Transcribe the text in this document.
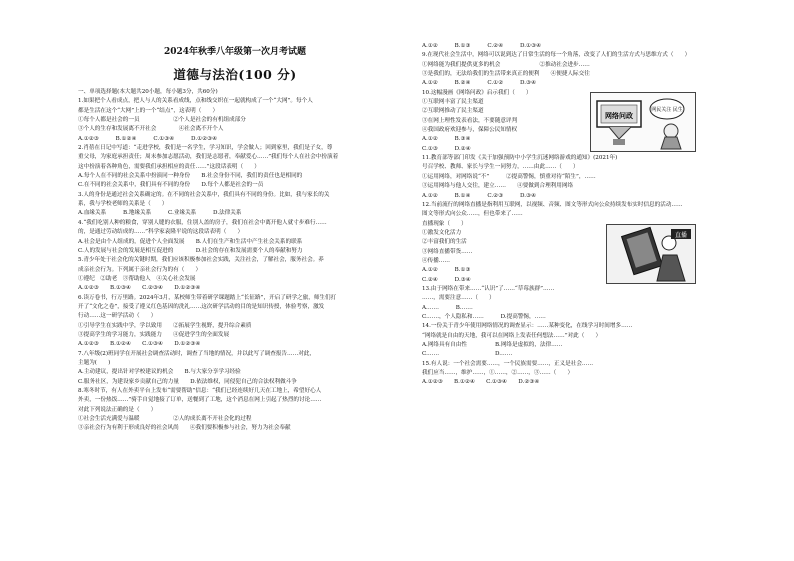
2024年秋季八年级第一次月考试题
道德与法治(100 分)
一、单项选择题(本大题共20小题，每小题3分，共60分)
1.如果把个人看成点，把人与人的关系看成线，点和线交织在一起就构成了一个“大网”。每个人
都是生活在这个“大网”上的一个“结点”，这表明（　　）
①每个人都是社会的一员　　　　　　②个人是社会的有机组成部分
③个人的生存和发展离不开社会　　　　④社会离不开个人
A.①②③　　　B.①②④　　　C.①③④　　　D.①②③④
2.肖蓓在日记中写道：“走进学校，我们是一名学生，学习知识，学会做人；回到家里，我们是子女，尊
重父母，为家庭承担责任；周末参加志愿活动，我们是志愿者，奉献爱心……”我们每个人在社会中扮演着
这中扮演着各种角色，需要我们承担相应的责任……”这段话表明（　　）
A.每个人在不同的社会关系中扮演同一种身份　　B.社会身份不同，我们的责任也是相同的
C.在不同的社会关系中，我们具有不同的身份　　D.每个人都是社会的一员
3.人的身份是通过社会关系确定的。在不同的社会关系中，我们具有不同的身份。比如，我与家长的关
系，我与学校老师的关系是（　　）
A.血缘关系　　　B.地缘关系　　　C.业缘关系　　　D.法律关系
4.“我们吃别人种的粮食，穿别人缝的衣服，住别人盖的房子，我们在社会中离开他人就寸步难行……
的，是通过劳动结成的……”科学家袁隆平说的这段话表明（　　）
A.社会是由个人组成的，促进个人全面发展　　B.人们在生产和生活中产生社会关系的联系
C.人的发展与社会的发展是相互促进的　　　　D.社会的存在和发展需要个人的奉献和努力
5.青少年处于社会化的关键时期，我们应该积极参加社会实践，关注社会，了解社会，服务社会。养
成亲社会行为。下列属于亲社会行为的有（　　）
①遵纪　②助老　③帮助他人　④关心社会发展
A.①②③　　B.①③④　　C.②③④　　D.①②③④
6.读万卷书，行万里路。2024年3月，某校师生带着研学课题踏上“长征路”，开启了研学之旅，师生们打
开了“文化之卷”，接受了遵义红色基因的洗礼……这次研学活动的目的是知识传授，体验考察，激发
行动……这一研学活动（　　）
①引导学生在实践中学，学以致用　　②拓展学生视野，提升综合素质
③提高学生的学习能力，实践能力　　④促进学生的全面发展
A.①②③　　B.①②④　　C.①③④　　D.①②③④
7.八年级(2)班同学在开展社会调查活动时，调查了当地的情况，并以此写了调查报告……对此，
主题为(　　)
A.主动建议，提出针对学校建议的机会　　B.与大家分享学习经验
C.服务社区，为建设家乡贡献自己的力量　　D.依法维权，同侵犯自己的合法权利做斗争
8.寒冬时节，有人在外卖平台上发布“需要帮助”信息：“我们已经连续好几天在工地上，希望好心人
外卖，一份热饭……”骑手自觉地接了订单，送餐到了工地，这个消息在网上引起了热烈的讨论……
对此下列说法正确的是（　　）
①社会生活充满爱与温暖　　　　　　②人的成长离不开社会化的过程
③亲社会行为有利于形成良好的社会风尚　　④我们要积极参与社会，努力为社会奉献
A.①②　　　B.①③　　　C.②④　　　D.①③④
9.在现代社会生活中，网络可以说到达了日常生活的每一个角落，改变了人们的生活方式与思维方式（　　）
①网络能为我们提供更多的机会　　　　　　　②推动社会进步……
③是我们的，无法给我们的生活带来真正的便利　　④便捷人际交往
A.①②　　　B.②④　　　C.①②　　　D.③④
10.这幅漫画《网络问政》启示我们（　　）
①互联网丰富了民主渠道
②互联网推动了民主渠道
③在网上理性发表看法，不要随意评判
④我国政府欢迎参与，保障公民知情权
A.①②　　　B.③④
C.①③　　　D.②④
11.教育部等部门印发《关于加强预防中小学生沉迷网络游戏的通知》(2021年)
号召学校、教师、家长与学生一同努力，……由此……（　　）
①运用网络，对网络说“不”　　　②提高警惕，慎重对待“陌生”，……
③运用网络与他人交往，建立……　　④要做到合理利用网络
A.①②　　　B.①④　　　C.②③　　　D.③④
12.当前流行的网络直播是指利用互联网，以视频、音频、图文等形式向公众持续发布实时信息的活动……
图文等形式向公众……，但也带来了……
直播现象（　　）
①激发文化活力
②丰富我们的生活
③网络直播带货……
④传播……
A.①②　　　B.①③
C.②④　　　D.③④
13.由于网络在带来……“认识”了……“草莓族群”……
……，需要注意……（　　）
A.……　　　B.……
C.……，个人隐私和……　　　D.提高警惕，……
14.一份关于青少年使用网络情况的调查显示：……某种变化，在线学习时间增多……
“网络就是自由的天地，我可以在网络上发表任何想法……”对此（　　）
A.网络具有自由性　　　　　B.网络是虚拟的，法律……
C.……　　　　　　　　　　D.……
15.有人说：一个社会需要……，一个民族需要……，正义是社会……
我们应当……，维护……，①……，②……，③……（　　）
A.①②③　　B.①②④　　C.①③④　　D.②③④
网络问政
网民关注 民生
直播
